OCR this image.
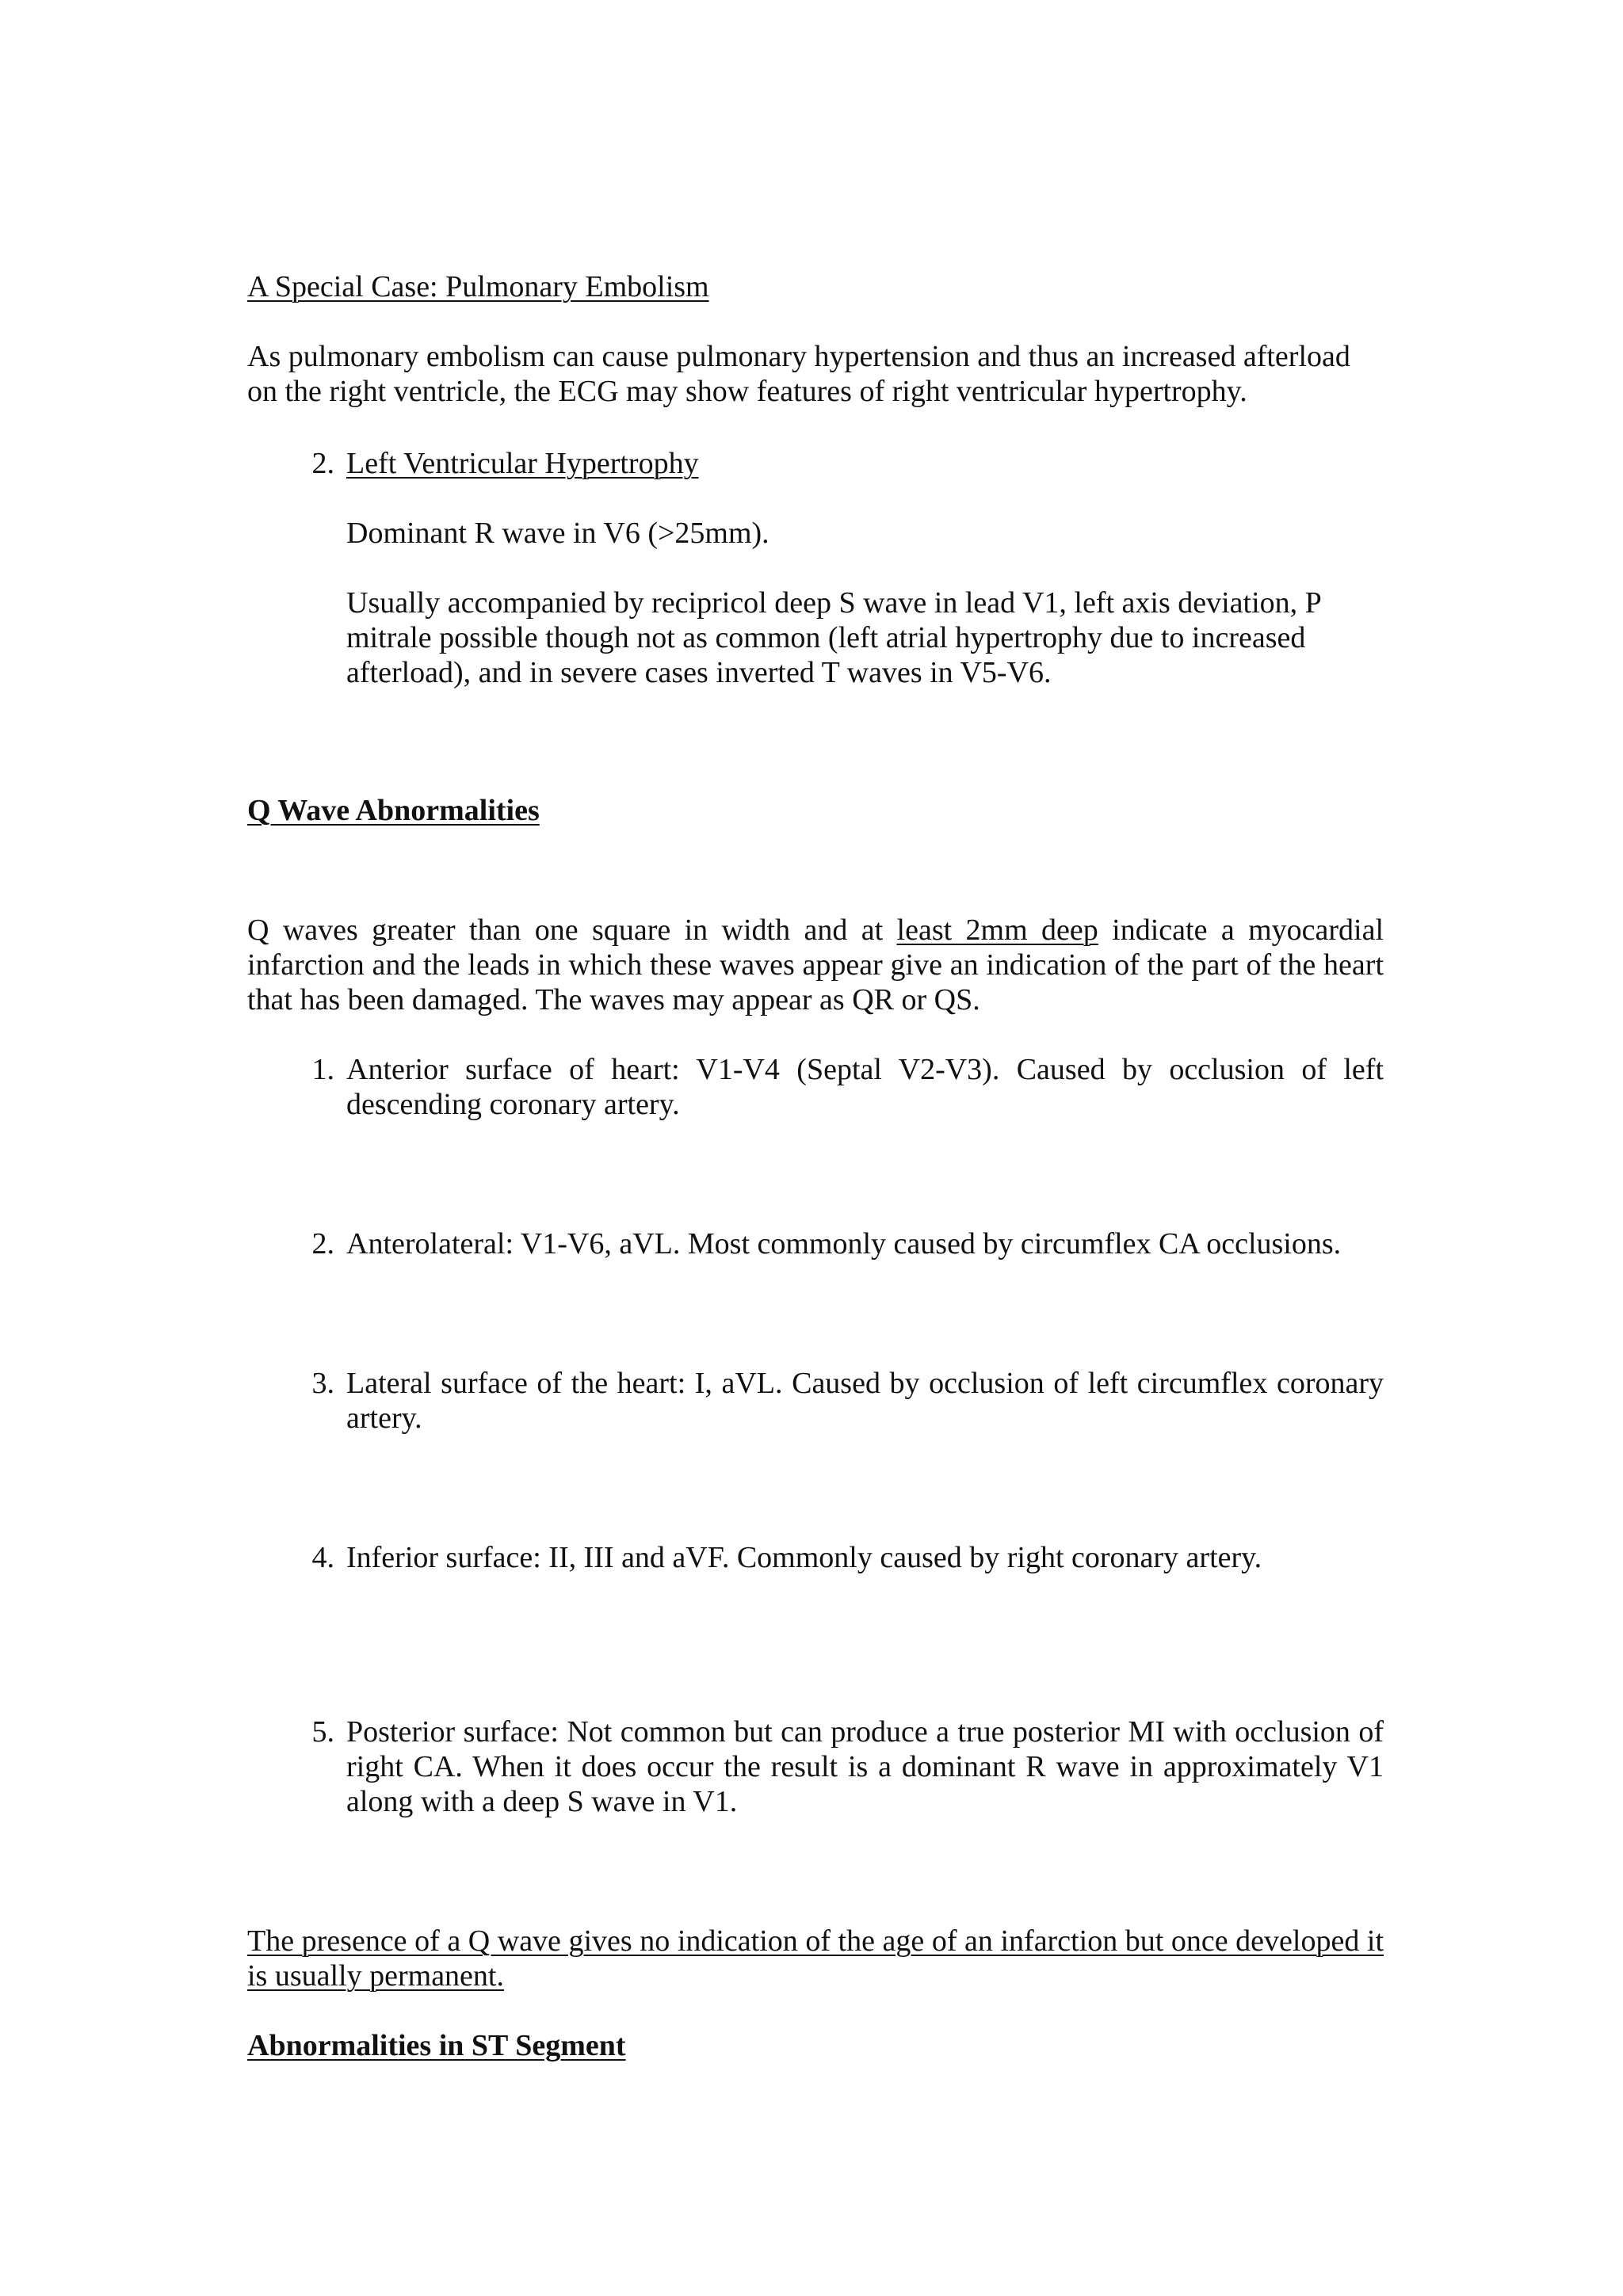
A Special Case: Pulmonary Embolism

As pulmonary embolism can cause pulmonary hypertension and thus an increased afterload on the right ventricle, the ECG may show features of right ventricular hypertrophy.

2. Left Ventricular Hypertrophy

Dominant R wave in V6 (>25mm).

Usually accompanied by recipricol deep S wave in lead V1, left axis deviation, P mitrale possible though not as common (left atrial hypertrophy due to increased afterload), and in severe cases inverted T waves in V5-V6.

Q Wave Abnormalities

Q waves greater than one square in width and at least 2mm deep indicate a myocardial infarction and the leads in which these waves appear give an indication of the part of the heart that has been damaged. The waves may appear as QR or QS.

1. Anterior surface of heart: V1-V4 (Septal V2-V3). Caused by occlusion of left descending coronary artery.

2. Anterolateral: V1-V6, aVL. Most commonly caused by circumflex CA occlusions.

3. Lateral surface of the heart: I, aVL. Caused by occlusion of left circumflex coronary artery.

4. Inferior surface: II, III and aVF. Commonly caused by right coronary artery.

5. Posterior surface: Not common but can produce a true posterior MI with occlusion of right CA. When it does occur the result is a dominant R wave in approximately V1 along with a deep S wave in V1.

The presence of a Q wave gives no indication of the age of an infarction but once developed it is usually permanent.

Abnormalities in ST Segment
